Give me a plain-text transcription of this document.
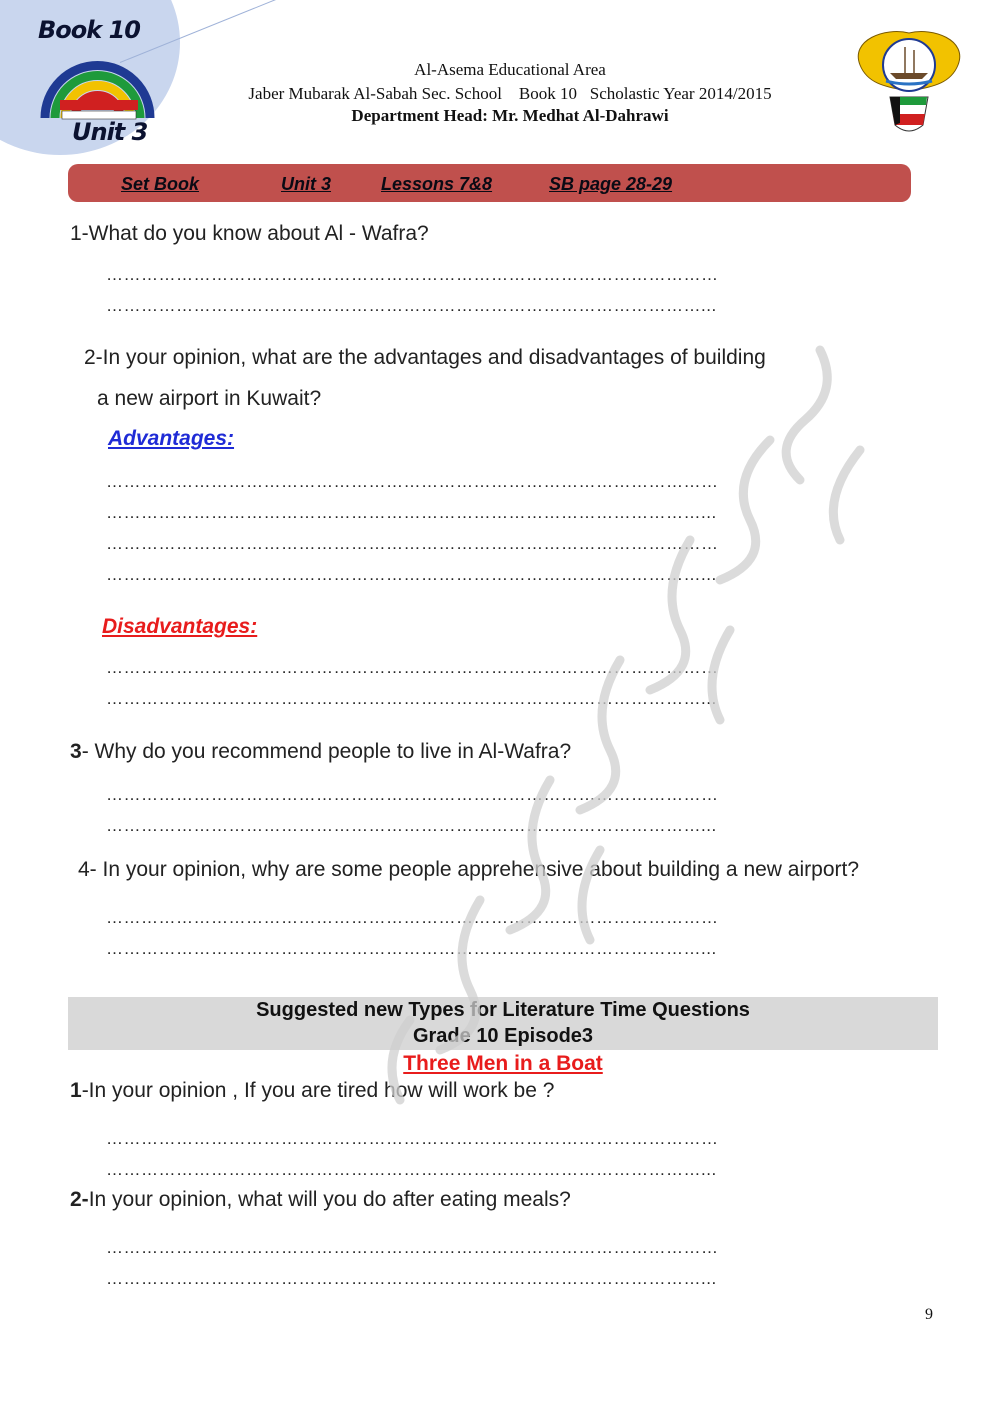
Book 10
Unit 3
Al-Asema Educational Area
Jaber Mubarak Al-Sabah Sec. School    Book 10   Scholastic Year 2014/2015
Department Head: Mr. Medhat Al-Dahrawi
Set Book	Unit 3	Lessons 7&8	SB page 28-29
1-What do you know about Al - Wafra?
……………………………………………………………………………………………
…………………………………………………………………………………………...
2-In your opinion, what are the advantages and disadvantages of building
a new airport in Kuwait?
Advantages:
……………………………………………………………………………………………
…………………………………………………………………………………………...
……………………………………………………………………………………………
…………………………………………………………………………………………...
Disadvantages:
……………………………………………………………………………………………
…………………………………………………………………………………………...
3- Why do you recommend people to live in Al-Wafra?
……………………………………………………………………………………………
…………………………………………………………………………………………...
4- In your opinion, why are some people apprehensive about building a new airport?
……………………………………………………………………………………………
…………………………………………………………………………………………...
Suggested new Types for Literature Time Questions
Grade 10 Episode3
Three Men in a Boat
1-In your opinion , If you are tired how will work be ?
……………………………………………………………………………………………
…………………………………………………………………………………………...
2-In your opinion, what will you do after eating meals?
……………………………………………………………………………………………
…………………………………………………………………………………………...
9
